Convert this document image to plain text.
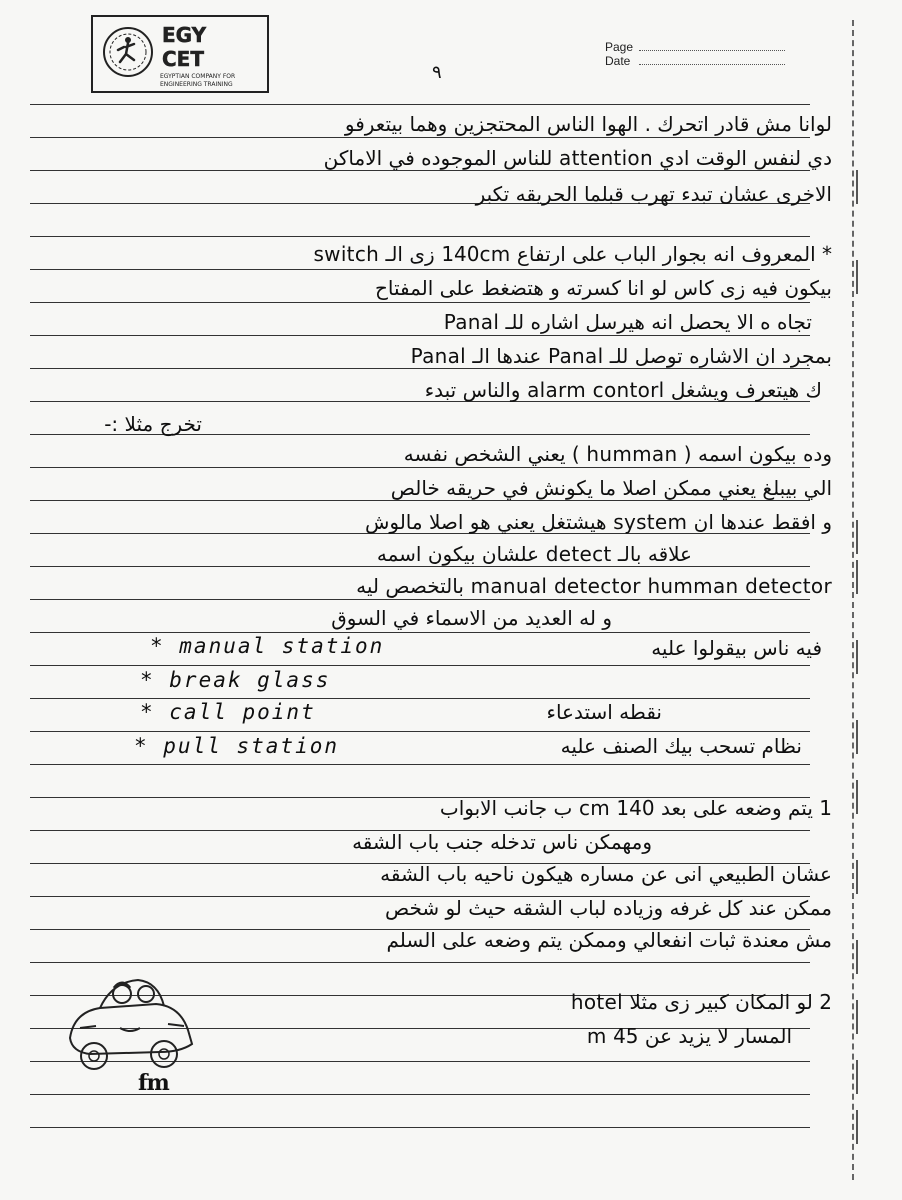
EGY
CET
EGYPTIAN COMPANY FOR
ENGINEERING TRAINING
Page
Date
٩
لوانا مش قادر اتحرك . الهوا الناس المحتجزين وهما بيتعرفو
دي لنفس الوقت ادي attention للناس الموجوده في الاماكن
الاخرى عشان تبدء تهرب قبلما الحريقه تكبر
* المعروف انه بجوار الباب على ارتفاع 140cm زى الـ switch
بيكون فيه زى كاس لو انا كسرته و هتضغط على المفتاح
تجاه ه الا يحصل انه هيرسل اشاره للـ Panal
بمجرد ان الاشاره توصل للـ Panal عندها الـ Panal
ك هيتعرف ويشغل alarm contorl والناس تبدء
تخرج مثلا :-
وده بيكون اسمه ( humman ) يعني الشخص نفسه
الي بيبلغ يعني ممكن اصلا ما يكونش في حريقه خالص
و افقط عندها ان system هيشتغل يعني هو اصلا مالوش
علاقه بالـ detect علشان بيكون اسمه
manual detector humman detector بالتخصص ليه
و له العديد من الاسماء في السوق
* manual station
* break glass
* call point
* pull station
فيه ناس بيقولوا عليه
نقطه استدعاء
نظام تسحب بيك الصنف عليه
1 يتم وضعه على بعد 140 cm ب جانب الابواب
ومهمكن ناس تدخله جنب باب الشقه
عشان الطبيعي انى عن مساره هيكون ناحيه باب الشقه
ممكن عند كل غرفه وزياده لباب الشقه حيث لو شخص
مش معندة ثبات انفعالي وممكن يتم وضعه على السلم
2 لو المكان كبير زى مثلا hotel
المسار لا يزيد عن 45 m
fm
